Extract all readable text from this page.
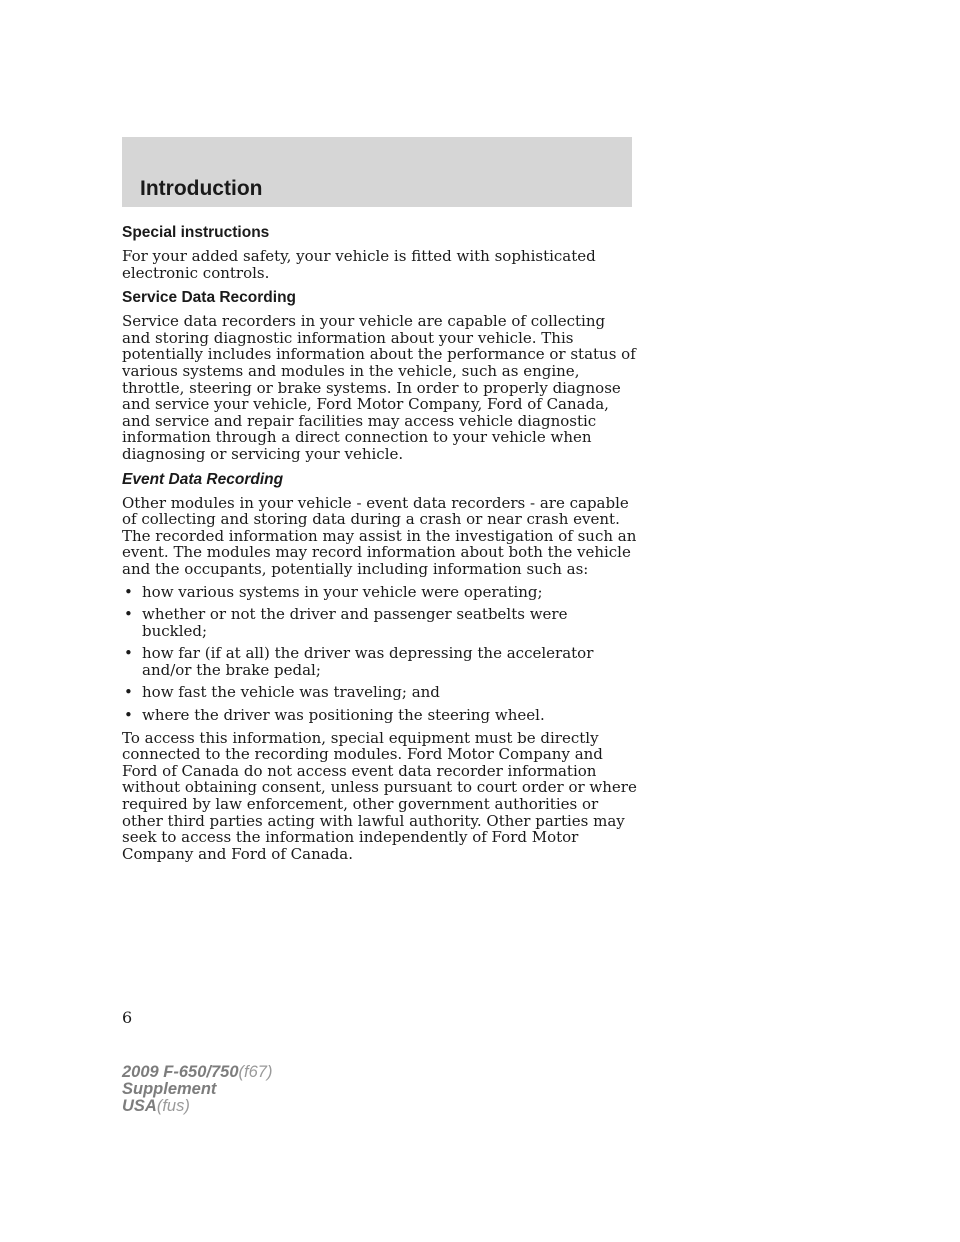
Introduction
Special instructions

For your added safety, your vehicle is fitted with sophisticated electronic controls.

Service Data Recording

Service data recorders in your vehicle are capable of collecting and storing diagnostic information about your vehicle. This potentially includes information about the performance or status of various systems and modules in the vehicle, such as engine, throttle, steering or brake systems. In order to properly diagnose and service your vehicle, Ford Motor Company, Ford of Canada, and service and repair facilities may access vehicle diagnostic information through a direct connection to your vehicle when diagnosing or servicing your vehicle.

Event Data Recording

Other modules in your vehicle - event data recorders - are capable of collecting and storing data during a crash or near crash event. The recorded information may assist in the investigation of such an event. The modules may record information about both the vehicle and the occupants, potentially including information such as:

• how various systems in your vehicle were operating;
• whether or not the driver and passenger seatbelts were buckled;
• how far (if at all) the driver was depressing the accelerator and/or the brake pedal;
• how fast the vehicle was traveling; and
• where the driver was positioning the steering wheel.

To access this information, special equipment must be directly connected to the recording modules. Ford Motor Company and Ford of Canada do not access event data recorder information without obtaining consent, unless pursuant to court order or where required by law enforcement, other government authorities or other third parties acting with lawful authority. Other parties may seek to access the information independently of Ford Motor Company and Ford of Canada.

6
2009 F-650/750(f67)
Supplement
USA(fus)
